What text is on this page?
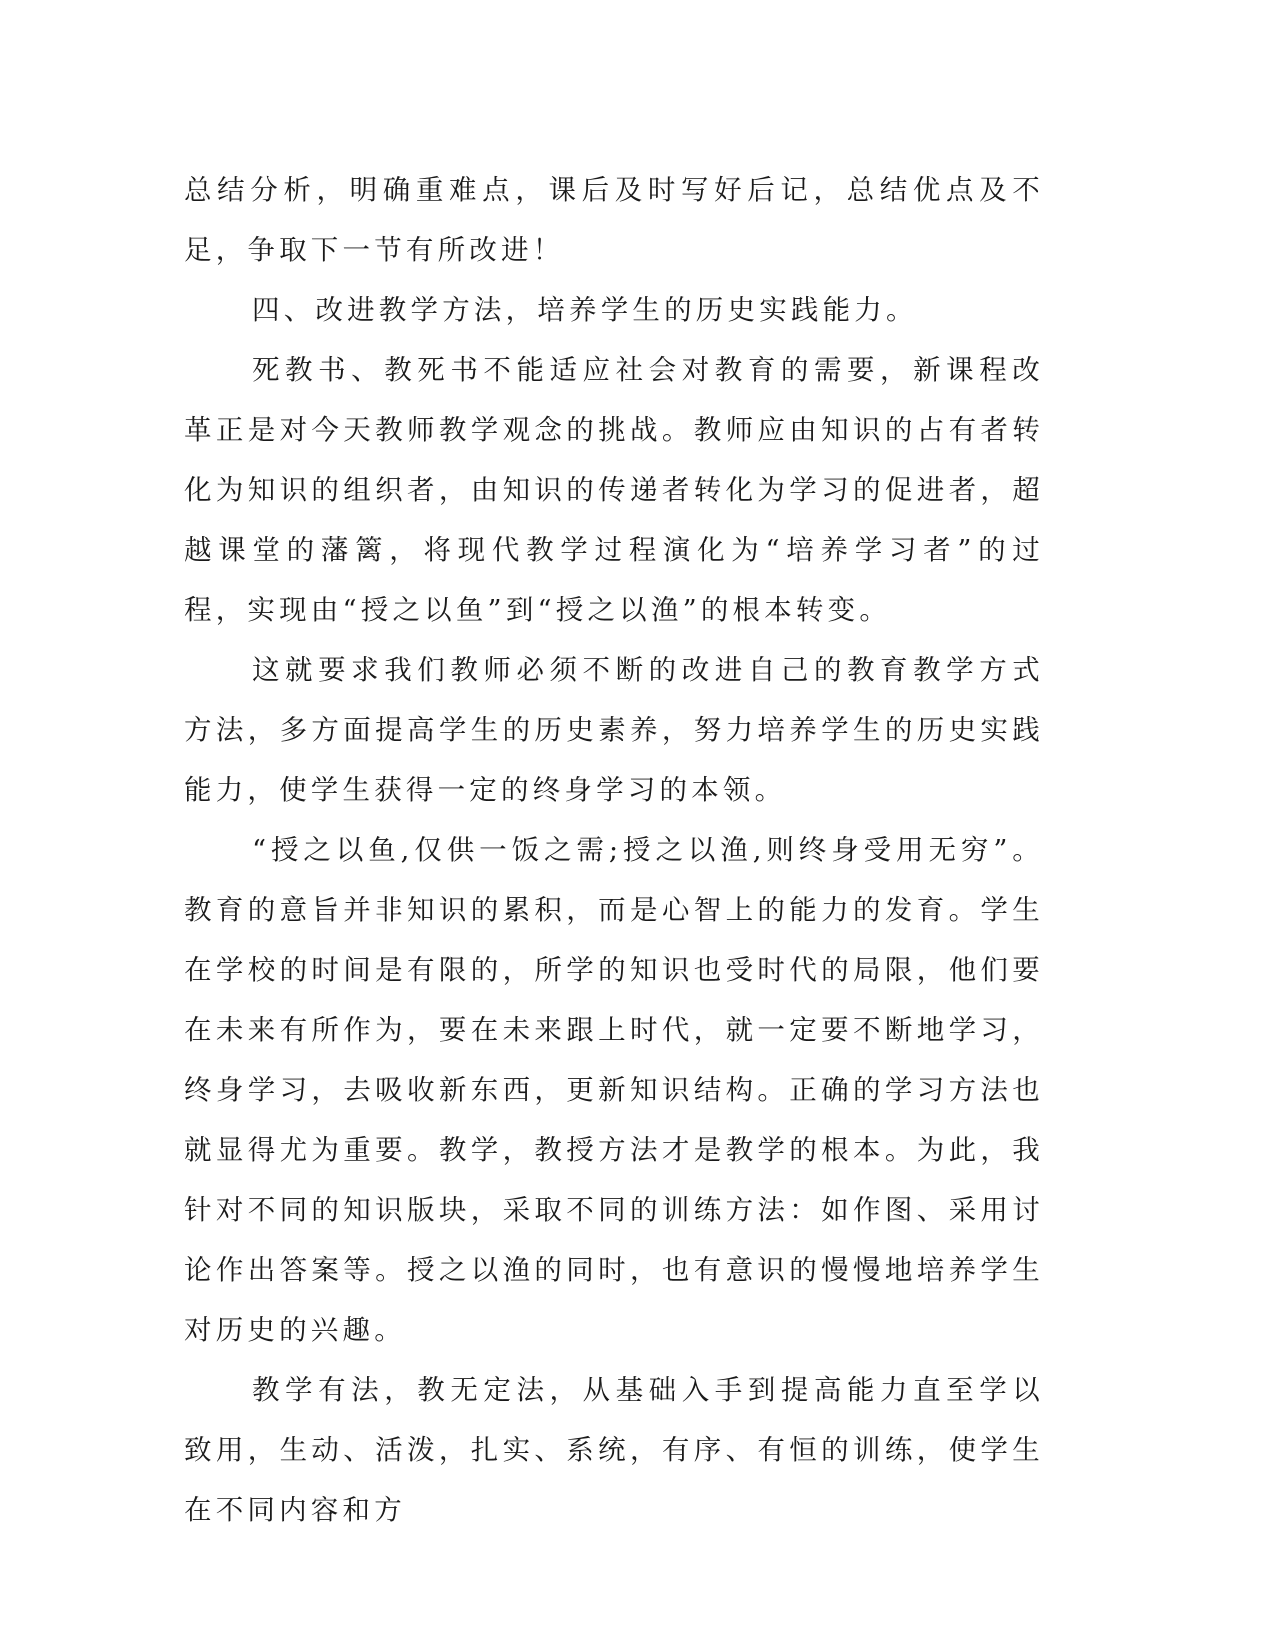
总结分析，明确重难点，课后及时写好后记，总结优点及不足，争取下一节有所改进！

四、改进教学方法，培养学生的历史实践能力。

死教书、教死书不能适应社会对教育的需要，新课程改革正是对今天教师教学观念的挑战。教师应由知识的占有者转化为知识的组织者，由知识的传递者转化为学习的促进者，超越课堂的藩篱，将现代教学过程演化为“培养学习者”的过程，实现由“授之以鱼”到“授之以渔”的根本转变。

这就要求我们教师必须不断的改进自己的教育教学方式方法，多方面提高学生的历史素养，努力培养学生的历史实践能力，使学生获得一定的终身学习的本领。

“授之以鱼,仅供一饭之需;授之以渔,则终身受用无穷”。教育的意旨并非知识的累积，而是心智上的能力的发育。学生在学校的时间是有限的，所学的知识也受时代的局限，他们要在未来有所作为，要在未来跟上时代，就一定要不断地学习，终身学习，去吸收新东西，更新知识结构。正确的学习方法也就显得尤为重要。教学，教授方法才是教学的根本。为此，我针对不同的知识版块，采取不同的训练方法：如作图、采用讨论作出答案等。授之以渔的同时，也有意识的慢慢地培养学生对历史的兴趣。

教学有法，教无定法，从基础入手到提高能力直至学以致用，生动、活泼，扎实、系统，有序、有恒的训练，使学生在不同内容和方
